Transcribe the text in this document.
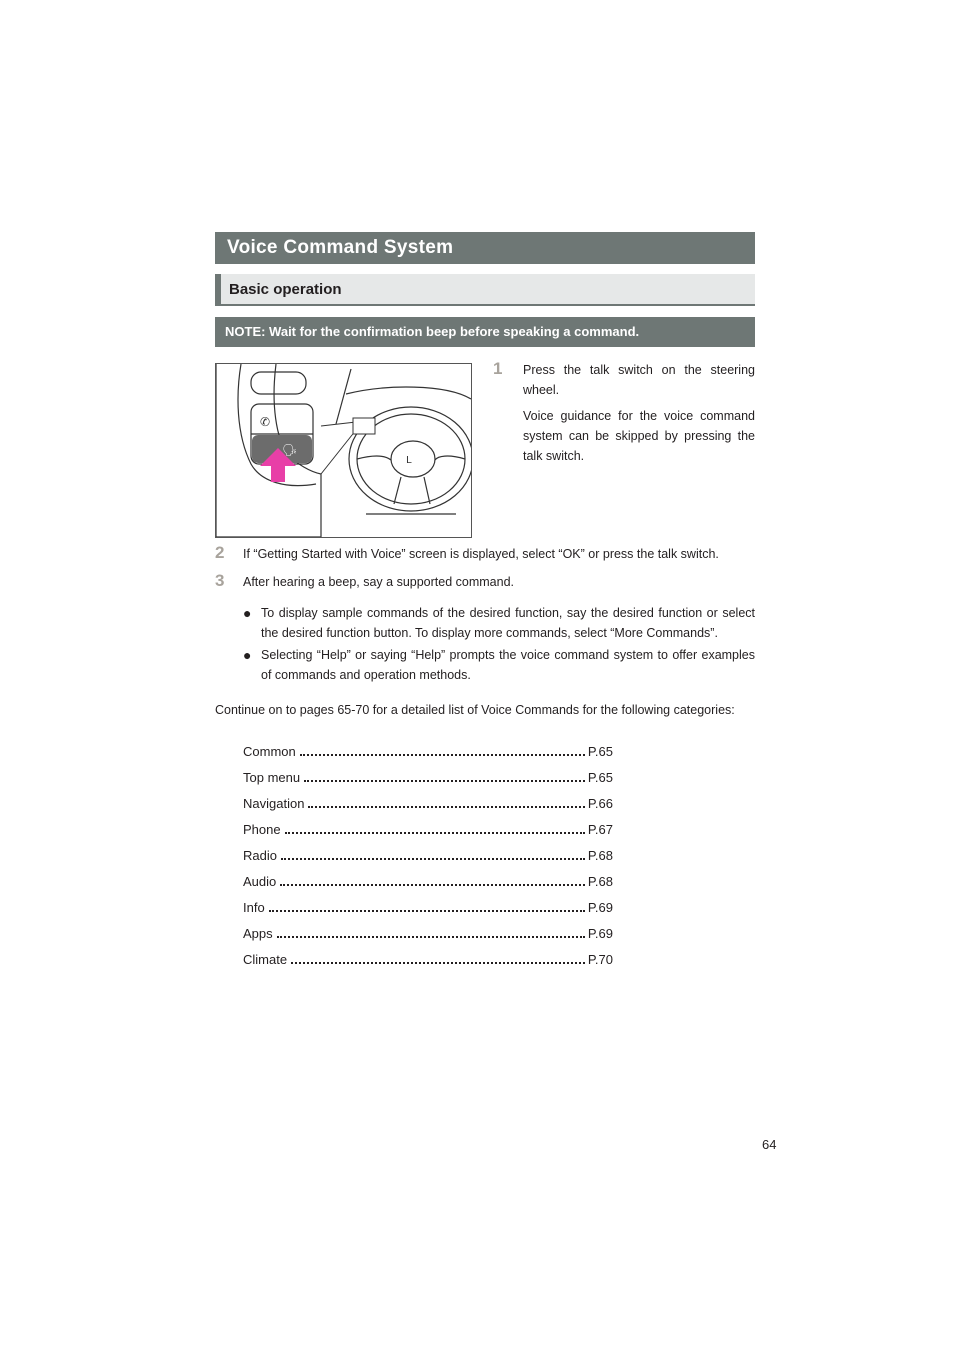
Voice Command System
Basic operation
NOTE: Wait for the confirmation beep before speaking a command.
L
✆
🗣
1	Press the talk switch on the steering wheel.
Voice guidance for the voice command system can be skipped by pressing the talk switch.
2	If “Getting Started with Voice” screen is displayed, select “OK” or press the talk switch.
3	After hearing a beep, say a supported command.
● To display sample commands of the desired function, say the desired function or select the desired function button. To display more commands, select “More Commands”.
● Selecting “Help” or saying “Help” prompts the voice command system to offer examples of commands and operation methods.
Continue on to pages 65-70 for a detailed list of Voice Commands for the following categories:
Common	P.65
Top menu	P.65
Navigation	P.66
Phone	P.67
Radio	P.68
Audio	P.68
Info	P.69
Apps	P.69
Climate	P.70
64
